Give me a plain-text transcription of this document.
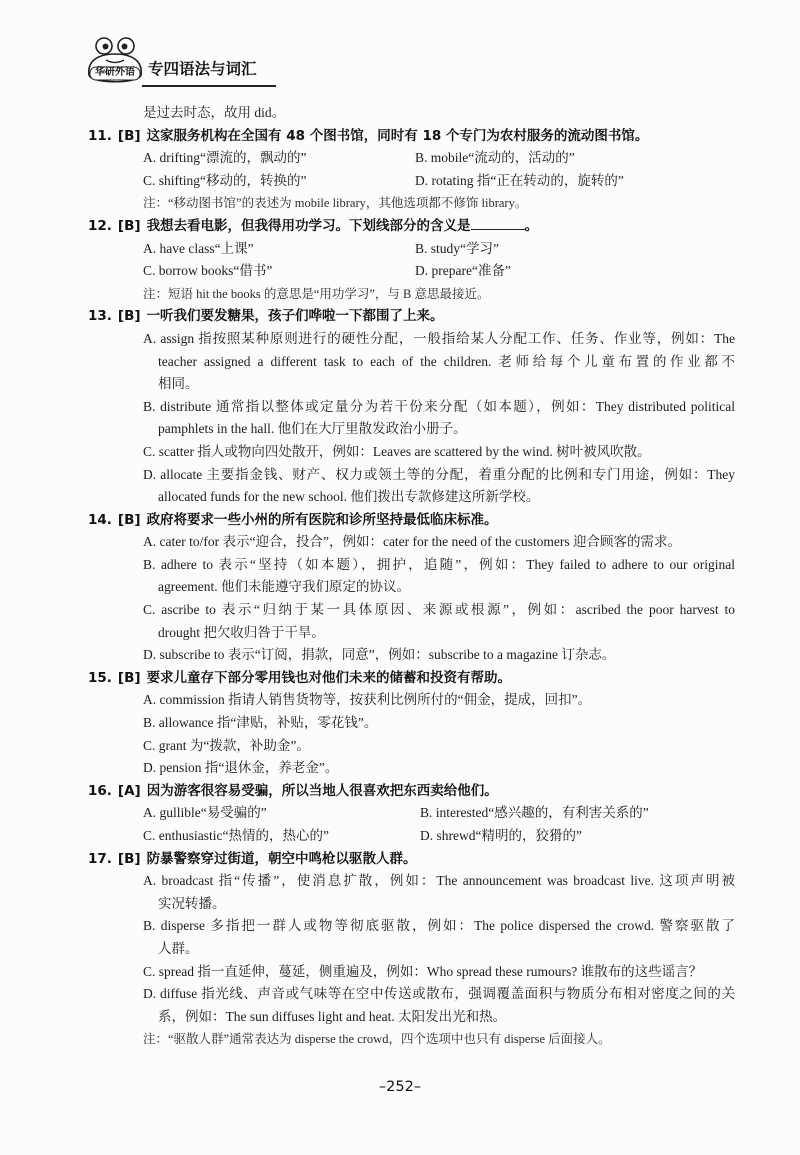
华研外语 专四语法与词汇
是过去时态，故用 did。
11. [B] 这家服务机构在全国有 48 个图书馆，同时有 18 个专门为农村服务的流动图书馆。
A. drifting“漂流的，飘动的”	B. mobile“流动的，活动的”
C. shifting“移动的，转换的”	D. rotating 指“正在转动的，旋转的”
注：“移动图书馆”的表述为 mobile library，其他选项都不修饰 library。
12. [B] 我想去看电影，但我得用功学习。下划线部分的含义是	。
A. have class“上课”	B. study“学习”
C. borrow books“借书”	D. prepare“准备”
注：短语 hit the books 的意思是“用功学习”，与 B 意思最接近。
13. [B] 一听我们要发糖果，孩子们哗啦一下都围了上来。
A. assign 指按照某种原则进行的硬性分配，一般指给某人分配工作、任务、作业等，例如：The
teacher assigned a different task to each of the children. 老师给每个儿童布置的作业都不
相同。
B. distribute 通常指以整体或定量分为若干份来分配（如本题），例如：They distributed political
pamphlets in the hall. 他们在大厅里散发政治小册子。
C. scatter 指人或物向四处散开，例如：Leaves are scattered by the wind. 树叶被风吹散。
D. allocate 主要指金钱、财产、权力或领土等的分配，着重分配的比例和专门用途，例如：They
allocated funds for the new school. 他们拨出专款修建这所新学校。
14. [B] 政府将要求一些小州的所有医院和诊所坚持最低临床标准。
A. cater to/for 表示“迎合，投合”，例如：cater for the need of the customers 迎合顾客的需求。
B. adhere to 表示“坚持（如本题），拥护，追随”，例如：They failed to adhere to our original
agreement. 他们未能遵守我们原定的协议。
C. ascribe to 表示“归纳于某一具体原因、来源或根源”，例如：ascribed the poor harvest to
drought 把欠收归咎于干旱。
D. subscribe to 表示“订阅，捐款，同意”，例如：subscribe to a magazine 订杂志。
15. [B] 要求儿童存下部分零用钱也对他们未来的储蓄和投资有帮助。
A. commission 指请人销售货物等，按获利比例所付的“佣金，提成，回扣”。
B. allowance 指“津贴，补贴，零花钱”。
C. grant 为“拨款，补助金”。
D. pension 指“退休金，养老金”。
16. [A] 因为游客很容易受骗，所以当地人很喜欢把东西卖给他们。
A. gullible“易受骗的”	B. interested“感兴趣的，有利害关系的”
C. enthusiastic“热情的，热心的”	D. shrewd“精明的，狡猾的”
17. [B] 防暴警察穿过街道，朝空中鸣枪以驱散人群。
A. broadcast 指“传播”，使消息扩散，例如：The announcement was broadcast live. 这项声明被
实况转播。
B. disperse 多指把一群人或物等彻底驱散，例如：The police dispersed the crowd. 警察驱散了
人群。
C. spread 指一直延伸，蔓延，侧重遍及，例如：Who spread these rumours? 谁散布的这些谣言？
D. diffuse 指光线、声音或气味等在空中传送或散布，强调覆盖面积与物质分布相对密度之间的关
系，例如：The sun diffuses light and heat. 太阳发出光和热。
注：“驱散人群”通常表达为 disperse the crowd，四个选项中也只有 disperse 后面接人。
–252–
